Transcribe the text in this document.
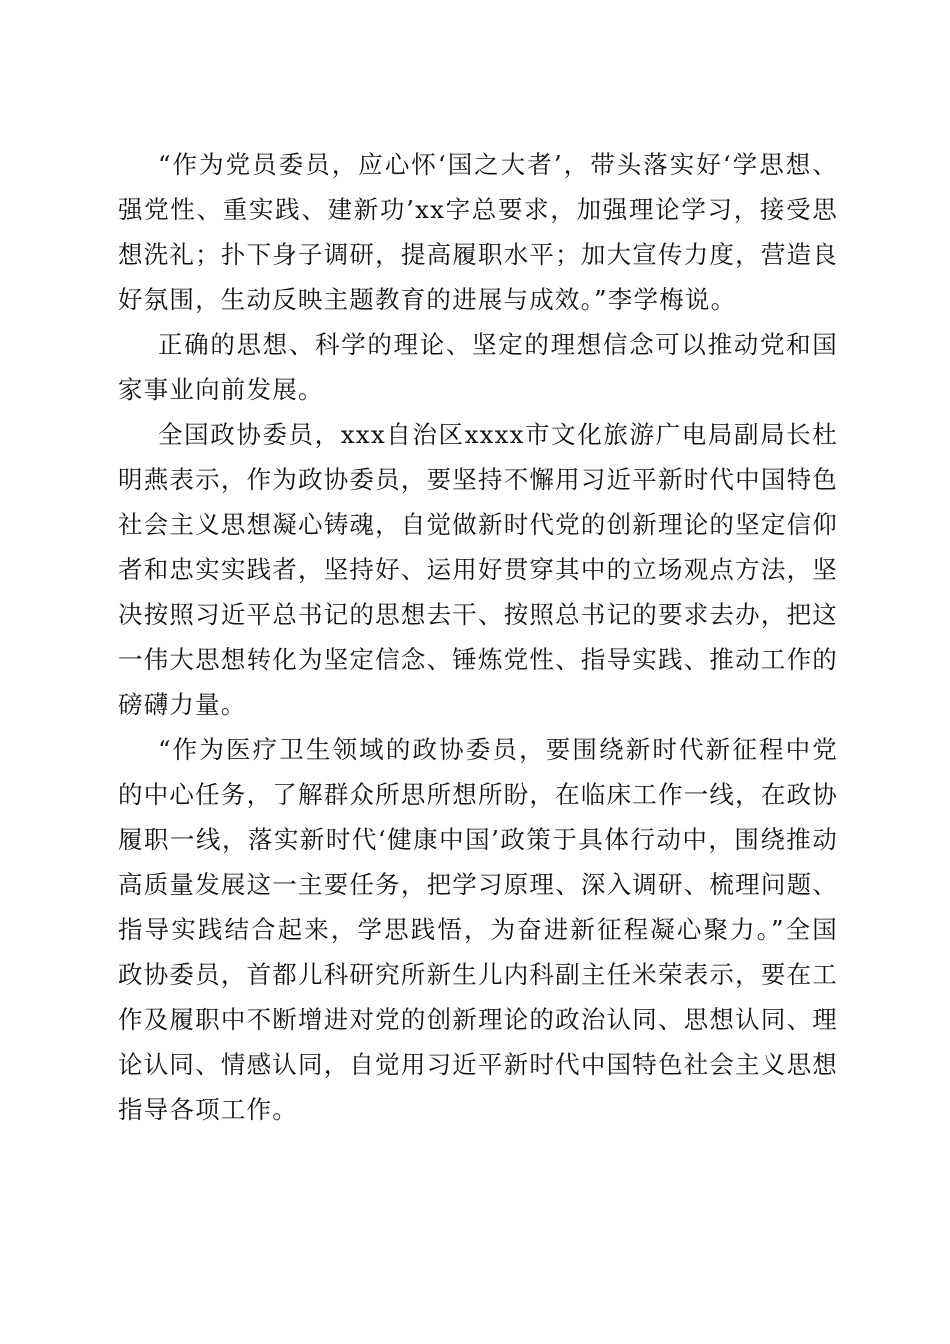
“作为党员委员，应心怀‘国之大者’，带头落实好‘学思想、强党性、重实践、建新功’xx字总要求，加强理论学习，接受思想洗礼；扑下身子调研，提高履职水平；加大宣传力度，营造良好氛围，生动反映主题教育的进展与成效。”李学梅说。

正确的思想、科学的理论、坚定的理想信念可以推动党和国家事业向前发展。

全国政协委员，xxx自治区xxxx市文化旅游广电局副局长杜明燕表示，作为政协委员，要坚持不懈用习近平新时代中国特色社会主义思想凝心铸魂，自觉做新时代党的创新理论的坚定信仰者和忠实实践者，坚持好、运用好贯穿其中的立场观点方法，坚决按照习近平总书记的思想去干、按照总书记的要求去办，把这一伟大思想转化为坚定信念、锤炼党性、指导实践、推动工作的磅礴力量。

“作为医疗卫生领域的政协委员，要围绕新时代新征程中党的中心任务，了解群众所思所想所盼，在临床工作一线，在政协履职一线，落实新时代‘健康中国’政策于具体行动中，围绕推动高质量发展这一主要任务，把学习原理、深入调研、梳理问题、指导实践结合起来，学思践悟，为奋进新征程凝心聚力。”全国政协委员，首都儿科研究所新生儿内科副主任米荣表示，要在工作及履职中不断增进对党的创新理论的政治认同、思想认同、理论认同、情感认同，自觉用习近平新时代中国特色社会主义思想指导各项工作。
